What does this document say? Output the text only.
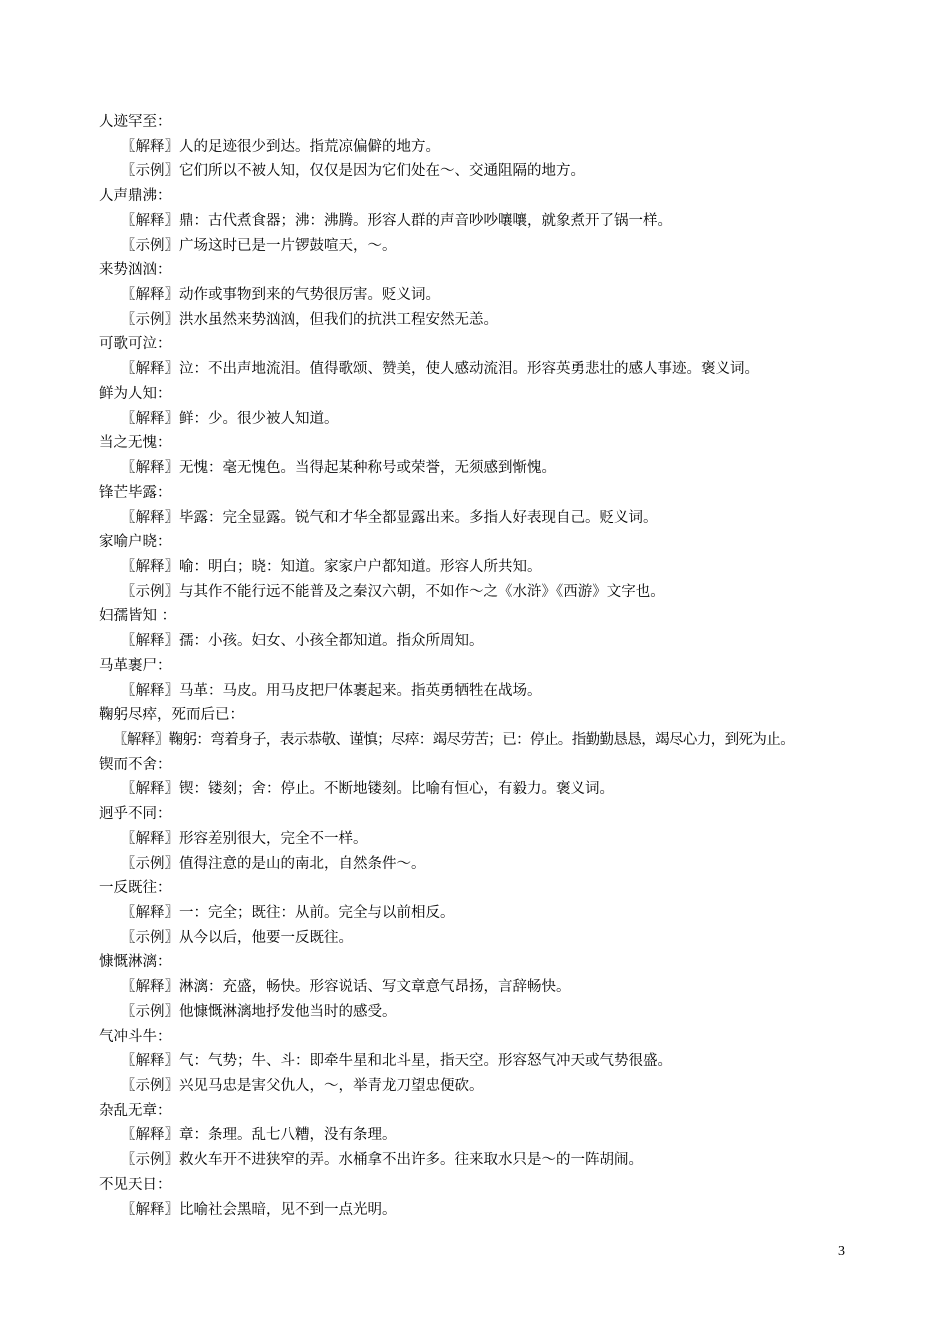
人迹罕至：
〖解释〗人的足迹很少到达。指荒凉偏僻的地方。
〖示例〗它们所以不被人知，仅仅是因为它们处在～、交通阻隔的地方。
人声鼎沸：
〖解释〗鼎：古代煮食器；沸：沸腾。形容人群的声音吵吵嚷嚷，就象煮开了锅一样。
〖示例〗广场这时已是一片锣鼓喧天，～。
来势汹汹：
〖解释〗动作或事物到来的气势很厉害。贬义词。
〖示例〗洪水虽然来势汹汹，但我们的抗洪工程安然无恙。
可歌可泣：
〖解释〗泣：不出声地流泪。值得歌颂、赞美，使人感动流泪。形容英勇悲壮的感人事迹。褒义词。
鲜为人知：
〖解释〗鲜：少。很少被人知道。
当之无愧：
〖解释〗无愧：毫无愧色。当得起某种称号或荣誉，无须感到惭愧。
锋芒毕露：
〖解释〗毕露：完全显露。锐气和才华全都显露出来。多指人好表现自己。贬义词。
家喻户晓：
〖解释〗喻：明白；晓：知道。家家户户都知道。形容人所共知。
〖示例〗与其作不能行远不能普及之秦汉六朝，不如作～之《水浒》《西游》文字也。
妇孺皆知 ：
〖解释〗孺：小孩。妇女、小孩全都知道。指众所周知。
马革裹尸：
〖解释〗马革：马皮。用马皮把尸体裹起来。指英勇牺牲在战场。
鞠躬尽瘁，死而后已：
〖解释〗鞠躬：弯着身子，表示恭敬、谨慎；尽瘁：竭尽劳苦；已：停止。指勤勤恳恳，竭尽心力，到死为止。
锲而不舍：
〖解释〗锲：镂刻；舍：停止。不断地镂刻。比喻有恒心，有毅力。褒义词。
迥乎不同：
〖解释〗形容差别很大，完全不一样。
〖示例〗值得注意的是山的南北，自然条件～。
一反既往：
〖解释〗一：完全；既往：从前。完全与以前相反。
〖示例〗从今以后，他要一反既往。
慷慨淋漓：
〖解释〗淋漓：充盛，畅快。形容说话、写文章意气昂扬，言辞畅快。
〖示例〗他慷慨淋漓地抒发他当时的感受。
气冲斗牛：
〖解释〗气：气势；牛、斗：即牵牛星和北斗星，指天空。形容怒气冲天或气势很盛。
〖示例〗兴见马忠是害父仇人，～，举青龙刀望忠便砍。
杂乱无章：
〖解释〗章：条理。乱七八糟，没有条理。
〖示例〗救火车开不进狭窄的弄。水桶拿不出许多。往来取水只是～的一阵胡闹。
不见天日：
〖解释〗比喻社会黑暗，见不到一点光明。
3
